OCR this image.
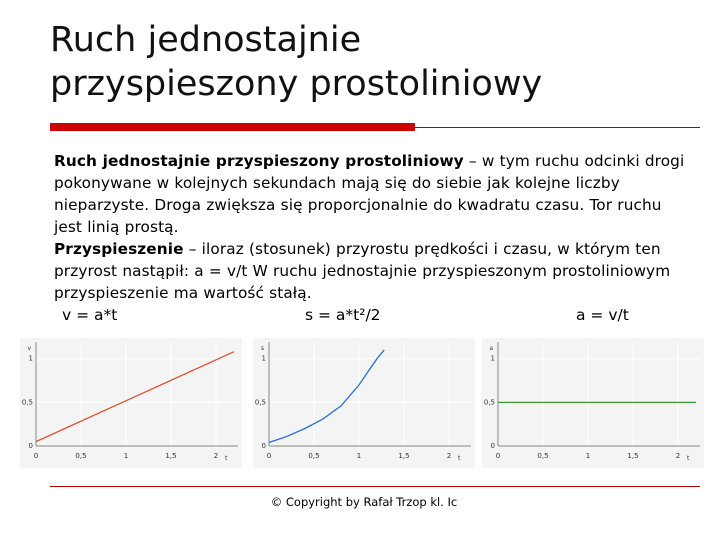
Ruch jednostajnie
przyspieszony prostoliniowy

Ruch jednostajnie przyspieszony prostoliniowy – w tym ruchu odcinki drogi pokonywane w kolejnych sekundach mają się do siebie jak kolejne liczby nieparzyste. Droga zwiększa się proporcjonalnie do kwadratu czasu. Tor ruchu jest linią prostą.

Przyspieszenie – iloraz (stosunek) przyrostu prędkości i czasu, w którym ten przyrost nastąpił: a = v/t W ruchu jednostajnie przyspieszonym prostoliniowym przyspieszenie ma wartość stałą.

v = a*t	s = a*t²/2	a = v/t
0	0,5	1	1,5	2
0
0,5
1
t
v
0	0,5	1	1,5	2
0
0,5
1
t
s
0	0,5	1	1,5	2
0
0,5
1
t
a
© Copyright by Rafał Trzop kl. Ic
